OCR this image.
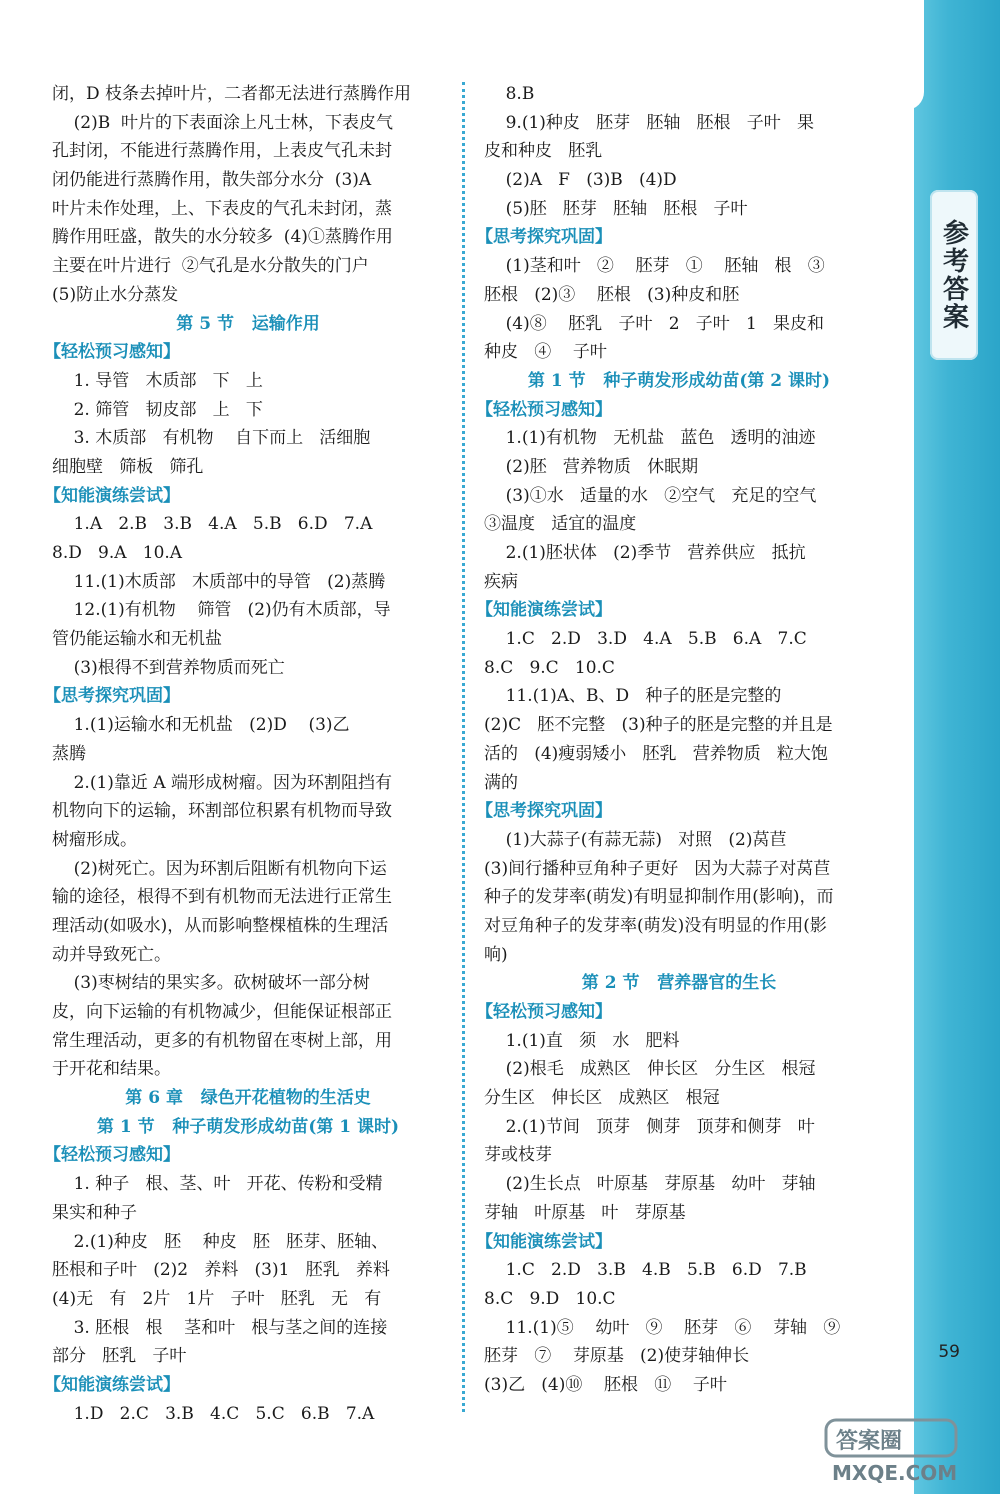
参考答案
闭，D 枝条去掉叶片，二者都无法进行蒸腾作用
(2)B  叶片的下表面涂上凡士林，下表皮气
孔封闭，不能进行蒸腾作用，上表皮气孔未封
闭仍能进行蒸腾作用，散失部分水分  (3)A
叶片未作处理，上、下表皮的气孔未封闭，蒸
腾作用旺盛，散失的水分较多  (4)①蒸腾作用
主要在叶片进行  ②气孔是水分散失的门户
(5)防止水分蒸发
第 5 节   运输作用
【轻松预习感知】
1. 导管   木质部   下   上
2. 筛管   韧皮部   上   下
3. 木质部   有机物    自下而上   活细胞
细胞壁   筛板   筛孔
【知能演练尝试】
1.A   2.B   3.B   4.A   5.B   6.D   7.A
8.D   9.A   10.A
11.(1)木质部   木质部中的导管   (2)蒸腾
12.(1)有机物    筛管   (2)仍有木质部，导
管仍能运输水和无机盐
(3)根得不到营养物质而死亡
【思考探究巩固】
1.(1)运输水和无机盐   (2)D    (3)乙
蒸腾
2.(1)靠近 A 端形成树瘤。因为环割阻挡有
机物向下的运输，环割部位积累有机物而导致
树瘤形成。
(2)树死亡。因为环割后阻断有机物向下运
输的途径，根得不到有机物而无法进行正常生
理活动(如吸水)，从而影响整棵植株的生理活
动并导致死亡。
(3)枣树结的果实多。砍树破坏一部分树
皮，向下运输的有机物减少，但能保证根部正
常生理活动，更多的有机物留在枣树上部，用
于开花和结果。
第 6 章   绿色开花植物的生活史
第 1 节   种子萌发形成幼苗(第 1 课时)
【轻松预习感知】
1. 种子   根、茎、叶   开花、传粉和受精
果实和种子
2.(1)种皮   胚    种皮   胚   胚芽、胚轴、
胚根和子叶   (2)2   养料   (3)1   胚乳   养料
(4)无   有   2片   1片   子叶   胚乳   无   有
3. 胚根   根    茎和叶   根与茎之间的连接
部分   胚乳   子叶
【知能演练尝试】
1.D   2.C   3.B   4.C   5.C   6.B   7.A
8.B
9.(1)种皮   胚芽   胚轴   胚根   子叶   果
皮和种皮   胚乳
(2)A   F   (3)B   (4)D
(5)胚   胚芽   胚轴   胚根   子叶
【思考探究巩固】
(1)茎和叶   ②    胚芽   ①    胚轴   根   ③
胚根   (2)③    胚根   (3)种皮和胚
(4)⑧    胚乳   子叶   2   子叶   1   果皮和
种皮   ④    子叶
第 1 节   种子萌发形成幼苗(第 2 课时)
【轻松预习感知】
1.(1)有机物   无机盐   蓝色   透明的油迹
(2)胚   营养物质   休眠期
(3)①水   适量的水   ②空气   充足的空气
③温度   适宜的温度
2.(1)胚状体   (2)季节   营养供应   抵抗
疾病
【知能演练尝试】
1.C   2.D   3.D   4.A   5.B   6.A   7.C
8.C   9.C   10.C
11.(1)A、B、D   种子的胚是完整的
(2)C   胚不完整   (3)种子的胚是完整的并且是
活的   (4)瘦弱矮小   胚乳   营养物质   粒大饱
满的
【思考探究巩固】
(1)大蒜子(有蒜无蒜)   对照   (2)莴苣
(3)间行播种豆角种子更好   因为大蒜子对莴苣
种子的发芽率(萌发)有明显抑制作用(影响)，而
对豆角种子的发芽率(萌发)没有明显的作用(影
响)
第 2 节   营养器官的生长
【轻松预习感知】
1.(1)直   须   水   肥料
(2)根毛   成熟区   伸长区   分生区   根冠
分生区   伸长区   成熟区   根冠
2.(1)节间   顶芽   侧芽   顶芽和侧芽   叶
芽或枝芽
(2)生长点   叶原基   芽原基   幼叶   芽轴
芽轴   叶原基   叶   芽原基
【知能演练尝试】
1.C   2.D   3.B   4.B   5.B   6.D   7.B
8.C   9.D   10.C
11.(1)⑤    幼叶   ⑨    胚芽   ⑥    芽轴   ⑨
胚芽   ⑦    芽原基   (2)使芽轴伸长
(3)乙   (4)⑩    胚根   ⑪    子叶
59
答案圈
MXQE.COM
